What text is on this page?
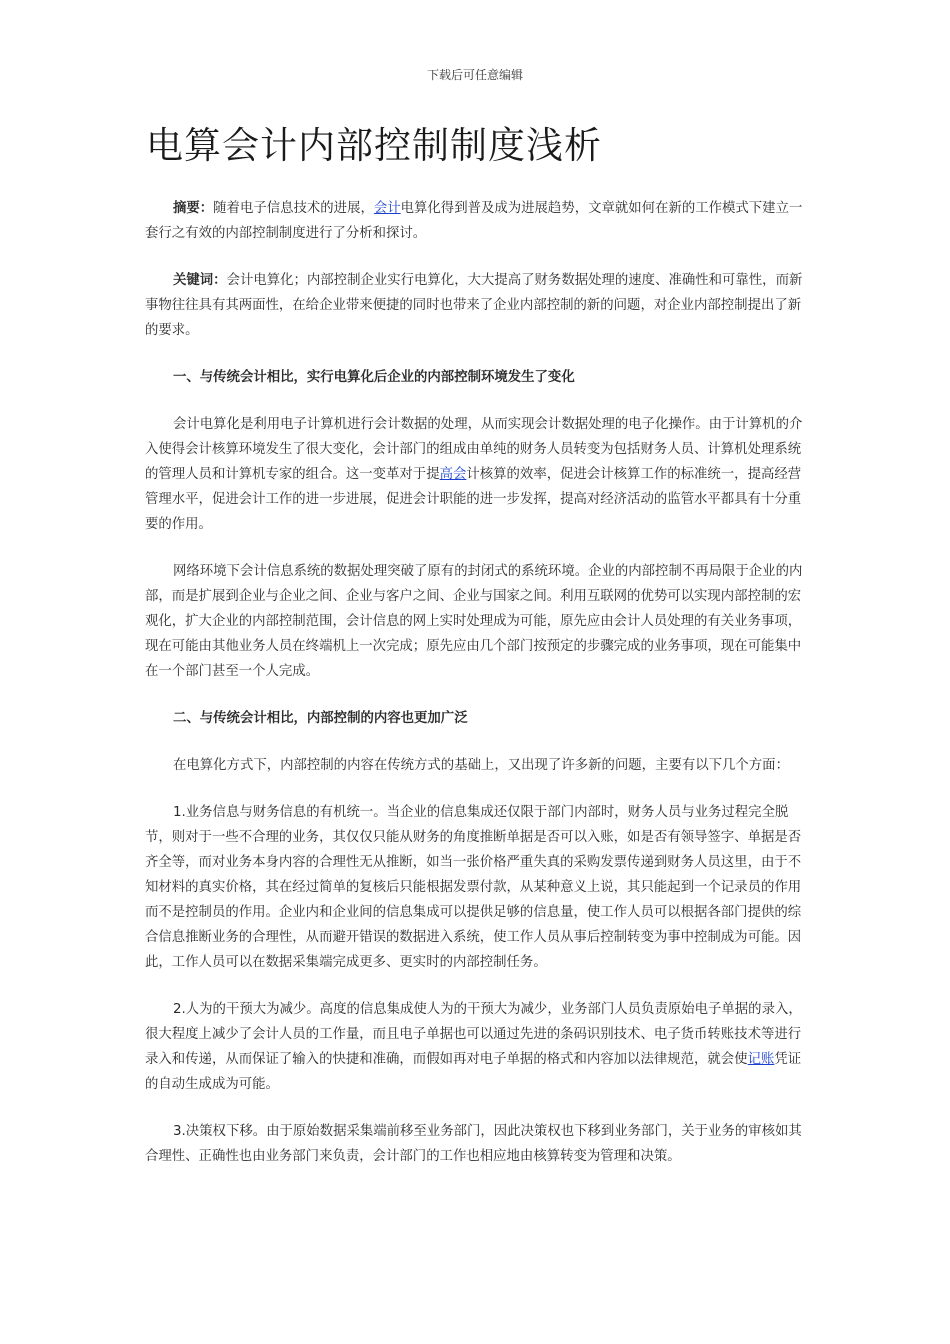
下载后可任意编辑
电算会计内部控制制度浅析

摘要：随着电子信息技术的进展，会计电算化得到普及成为进展趋势，文章就如何在新的工作模式下建立一套行之有效的内部控制制度进行了分析和探讨。

关键词：会计电算化；内部控制企业实行电算化，大大提高了财务数据处理的速度、准确性和可靠性，而新事物往往具有其两面性，在给企业带来便捷的同时也带来了企业内部控制的新的问题，对企业内部控制提出了新的要求。

一、与传统会计相比，实行电算化后企业的内部控制环境发生了变化

会计电算化是利用电子计算机进行会计数据的处理，从而实现会计数据处理的电子化操作。由于计算机的介入使得会计核算环境发生了很大变化，会计部门的组成由单纯的财务人员转变为包括财务人员、计算机处理系统的管理人员和计算机专家的组合。这一变革对于提高会计核算的效率，促进会计核算工作的标准统一，提高经营管理水平，促进会计工作的进一步进展，促进会计职能的进一步发挥，提高对经济活动的监管水平都具有十分重要的作用。

网络环境下会计信息系统的数据处理突破了原有的封闭式的系统环境。企业的内部控制不再局限于企业的内部，而是扩展到企业与企业之间、企业与客户之间、企业与国家之间。利用互联网的优势可以实现内部控制的宏观化，扩大企业的内部控制范围，会计信息的网上实时处理成为可能，原先应由会计人员处理的有关业务事项，现在可能由其他业务人员在终端机上一次完成；原先应由几个部门按预定的步骤完成的业务事项，现在可能集中在一个部门甚至一个人完成。

二、与传统会计相比，内部控制的内容也更加广泛

在电算化方式下，内部控制的内容在传统方式的基础上，又出现了许多新的问题，主要有以下几个方面：

1.业务信息与财务信息的有机统一。当企业的信息集成还仅限于部门内部时，财务人员与业务过程完全脱节，则对于一些不合理的业务，其仅仅只能从财务的角度推断单据是否可以入账，如是否有领导签字、单据是否齐全等，而对业务本身内容的合理性无从推断，如当一张价格严重失真的采购发票传递到财务人员这里，由于不知材料的真实价格，其在经过简单的复核后只能根据发票付款，从某种意义上说，其只能起到一个记录员的作用而不是控制员的作用。企业内和企业间的信息集成可以提供足够的信息量，使工作人员可以根据各部门提供的综合信息推断业务的合理性，从而避开错误的数据进入系统，使工作人员从事后控制转变为事中控制成为可能。因此，工作人员可以在数据采集端完成更多、更实时的内部控制任务。

2.人为的干预大为减少。高度的信息集成使人为的干预大为减少，业务部门人员负责原始电子单据的录入，很大程度上减少了会计人员的工作量，而且电子单据也可以通过先进的条码识别技术、电子货币转账技术等进行录入和传递，从而保证了输入的快捷和准确，而假如再对电子单据的格式和内容加以法律规范，就会使记账凭证的自动生成成为可能。

3.决策权下移。由于原始数据采集端前移至业务部门，因此决策权也下移到业务部门，关于业务的审核如其合理性、正确性也由业务部门来负责，会计部门的工作也相应地由核算转变为管理和决策。
